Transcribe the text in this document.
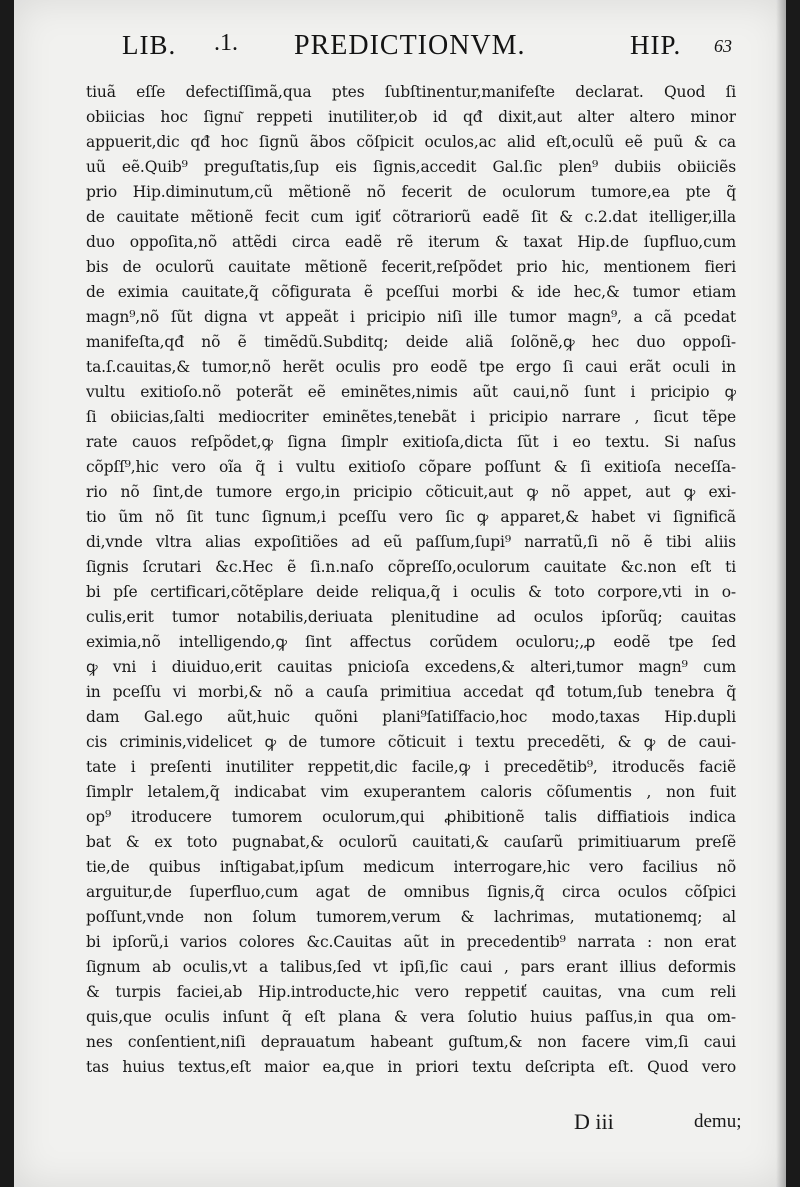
LIB. .1. PREDICTIONVM.	HIP. 63
tiuã eſſe defectiſſimã,qua ptes ſubſtinentur,manifeſte declarat. Quod ſi
obiicias hoc ſignu͂ reppeti inutiliter,ob id qđ dixit,aut alter altero minor
appuerit,dic qđ hoc ſignũ ãbos cõſpicit oculos,ac alid eſt,oculũ eẽ puũ & ca
uũ eẽ.Quib⁹ preguſtatis,ſup eis ſignis,accedit Gal.ſic plen⁹ dubiis obiiciẽs
prio Hip.diminutum,cũ mẽtionẽ nõ fecerit de oculorum tumore,ea pte q̃
de cauitate mẽtionẽ fecit cum igiť cõtrariorũ eadẽ ſit & c.2.dat itelliger,illa
duo oppoſita,nõ attẽdi circa eadẽ rẽ iterum & taxat Hip.de ſupfluo,cum
bis de oculorũ cauitate mẽtionẽ fecerit,reſpõdet prio hic, mentionem fieri
de eximia cauitate,q̃ cõfigurata ẽ pceſſui morbi & ide hec,& tumor etiam
magn⁹,nõ ſũt digna vt appeãt i pricipio niſi ille tumor magn⁹, a cã pcedat
manifeſta,qđ nõ ẽ timẽdũ.Subditq; deide aliã ſolõnẽ,ꝙ hec duo oppoſi-
ta.ſ.cauitas,& tumor,nõ herẽt oculis pro eodẽ tpe ergo ſi caui erãt oculi in
vultu exitioſo.nõ poterãt eẽ eminẽtes,nimis aũt caui,nõ ſunt i pricipio ꝙ
ſi obiicias,ſalti mediocriter eminẽtes,tenebãt i pricipio narrare , ſicut tẽpe
rate cauos reſpõdet,ꝙ ſigna ſimplr exitioſa,dicta ſũt i eo textu. Si naſus
cõpſſ⁹,hic vero oĩa q̃ i vultu exitioſo cõpare poſſunt & ſi exitioſa neceſſa-
rio nõ ſint,de tumore ergo,in pricipio cõticuit,aut ꝙ nõ appet, aut ꝙ exi-
tio ũm nõ ſit tunc ſignum,i pceſſu vero ſic ꝙ apparet,& habet vi ſignificã
di,vnde vltra alias expoſitiões ad eũ paſſum,ſupi⁹ narratũ,ſi nõ ẽ tibi aliis
ſignis ſcrutari &c.Hec ẽ ſi.n.naſo cõpreſſo,oculorum cauitate &c.non eſt ti
bi pſe certificari,cõtẽplare deide reliqua,q̃ i oculis & toto corpore,vti in o-
culis,erit tumor notabilis,deriuata plenitudine ad oculos ipſorũq; cauitas
eximia,nõ intelligendo,ꝙ ſint affectus corũdem oculoru;,ꝓ eodẽ tpe ſed
ꝙ vni i diuiduo,erit cauitas pnicioſa excedens,& alteri,tumor magn⁹ cum
in pceſſu vi morbi,& nõ a cauſa primitiua accedat qđ totum,ſub tenebra q̃
dam Gal.ego aũt,huic quõni plani⁹ſatiſfacio,hoc modo,taxas Hip.dupli
cis criminis,videlicet ꝙ de tumore cõticuit i textu precedẽti, & ꝙ de caui-
tate i preſenti inutiliter reppetit,dic facile,ꝙ i precedẽtib⁹, itroducẽs faciẽ
ſimplr letalem,q̃ indicabat vim exuperantem caloris cõſumentis , non fuit
op⁹ itroducere tumorem oculorum,qui ꝓhibitionẽ talis diffiatiois indica
bat & ex toto pugnabat,& oculorũ cauitati,& cauſarũ primitiuarum preſẽ
tie,de quibus inſtigabat,ipſum medicum interrogare,hic vero facilius nõ
arguitur,de ſuperfluo,cum agat de omnibus ſignis,q̃ circa oculos cõſpici
poſſunt,vnde non ſolum tumorem,verum & lachrimas, mutationemq; al
bi ipſorũ,i varios colores &c.Cauitas aũt in precedentib⁹ narrata : non erat
ſignum ab oculis,vt a talibus,ſed vt ipſi,ſic caui , pars erant illius deformis
& turpis faciei,ab Hip.introducte,hic vero reppetiť cauitas, vna cum reli
quis,que oculis inſunt q̃ eſt plana & vera ſolutio huius paſſus,in qua om-
nes conſentient,niſi deprauatum habeant guſtum,& non facere vim,ſi caui
tas huius textus,eſt maior ea,que in priori textu deſcripta eſt. Quod vero
D iii	demu;
